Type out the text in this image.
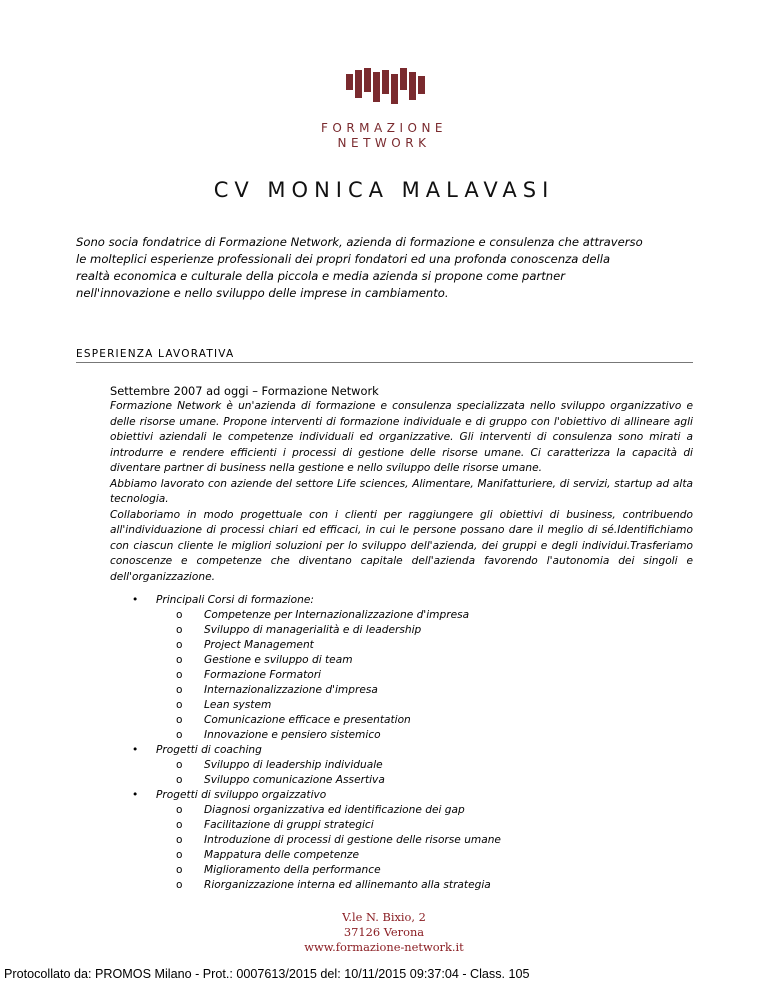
FORMAZIONE
NETWORK
CV MONICA MALAVASI
Sono socia fondatrice di Formazione Network, azienda di formazione e consulenza che attraverso
le molteplici esperienze professionali dei propri fondatori ed una profonda conoscenza della
realtà economica e culturale della piccola e media azienda si propone come partner
nell'innovazione e nello sviluppo delle imprese in cambiamento.
ESPERIENZA LAVORATIVA
Settembre 2007 ad oggi – Formazione Network

Formazione Network è un'azienda di formazione e consulenza specializzata nello sviluppo organizzativo e delle risorse umane. Propone interventi di formazione individuale e di gruppo con l'obiettivo di allineare agli obiettivi aziendali le competenze individuali ed organizzative. Gli interventi di consulenza sono mirati a introdurre e rendere efficienti i processi di gestione delle risorse umane. Ci caratterizza la capacità di diventare partner di business nella gestione e nello sviluppo delle risorse umane.

Abbiamo lavorato con aziende del settore Life sciences, Alimentare, Manifatturiere, di servizi, startup ad alta tecnologia.

Collaboriamo in modo progettuale con i clienti per raggiungere gli obiettivi di business, contribuendo all'individuazione di processi chiari ed efficaci, in cui le persone possano dare il meglio di sé.Identifichiamo con ciascun cliente le migliori soluzioni per lo sviluppo dell'azienda, dei gruppi e degli individui.Trasferiamo conoscenze e competenze che diventano capitale dell'azienda favorendo l'autonomia dei singoli e dell'organizzazione.

• Principali Corsi di formazione:
o Competenze per Internazionalizzazione d'impresa
o Sviluppo di managerialità e di leadership
o Project Management
o Gestione e sviluppo di team
o Formazione Formatori
o Internazionalizzazione d'impresa
o Lean system
o Comunicazione efficace e presentation
o Innovazione e pensiero sistemico
• Progetti di coaching
o Sviluppo di leadership individuale
o Sviluppo comunicazione Assertiva
• Progetti di sviluppo orgaizzativo
o Diagnosi organizzativa ed identificazione dei gap
o Facilitazione di gruppi strategici
o Introduzione di processi di gestione delle risorse umane
o Mappatura delle competenze
o Miglioramento della performance
o Riorganizzazione interna ed allinemanto alla strategia
V.le N. Bixio, 2
37126 Verona
www.formazione-network.it
Protocollato da: PROMOS Milano - Prot.: 0007613/2015 del: 10/11/2015 09:37:04 - Class. 105
